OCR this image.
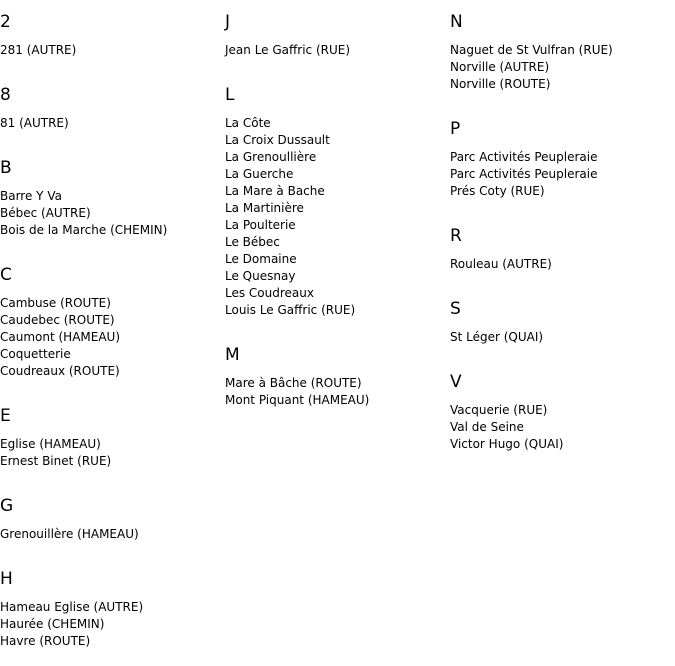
2
281 (AUTRE)
8
81 (AUTRE)
B
Barre Y Va
Bébec (AUTRE)
Bois de la Marche (CHEMIN)
C
Cambuse (ROUTE)
Caudebec (ROUTE)
Caumont (HAMEAU)
Coquetterie
Coudreaux (ROUTE)
E
Eglise (HAMEAU)
Ernest Binet (RUE)
G
Grenouillère (HAMEAU)
H
Hameau Eglise (AUTRE)
Haurée (CHEMIN)
Havre (ROUTE)
J
Jean Le Gaffric (RUE)
L
La Côte
La Croix Dussault
La Grenoullière
La Guerche
La Mare à Bache
La Martinière
La Poulterie
Le Bébec
Le Domaine
Le Quesnay
Les Coudreaux
Louis Le Gaffric (RUE)
M
Mare à Bâche (ROUTE)
Mont Piquant (HAMEAU)
N
Naguet de St Vulfran (RUE)
Norville (AUTRE)
Norville (ROUTE)
P
Parc Activités Peupleraie
Parc Activités Peupleraie
Prés Coty (RUE)
R
Rouleau (AUTRE)
S
St Léger (QUAI)
V
Vacquerie (RUE)
Val de Seine
Victor Hugo (QUAI)
